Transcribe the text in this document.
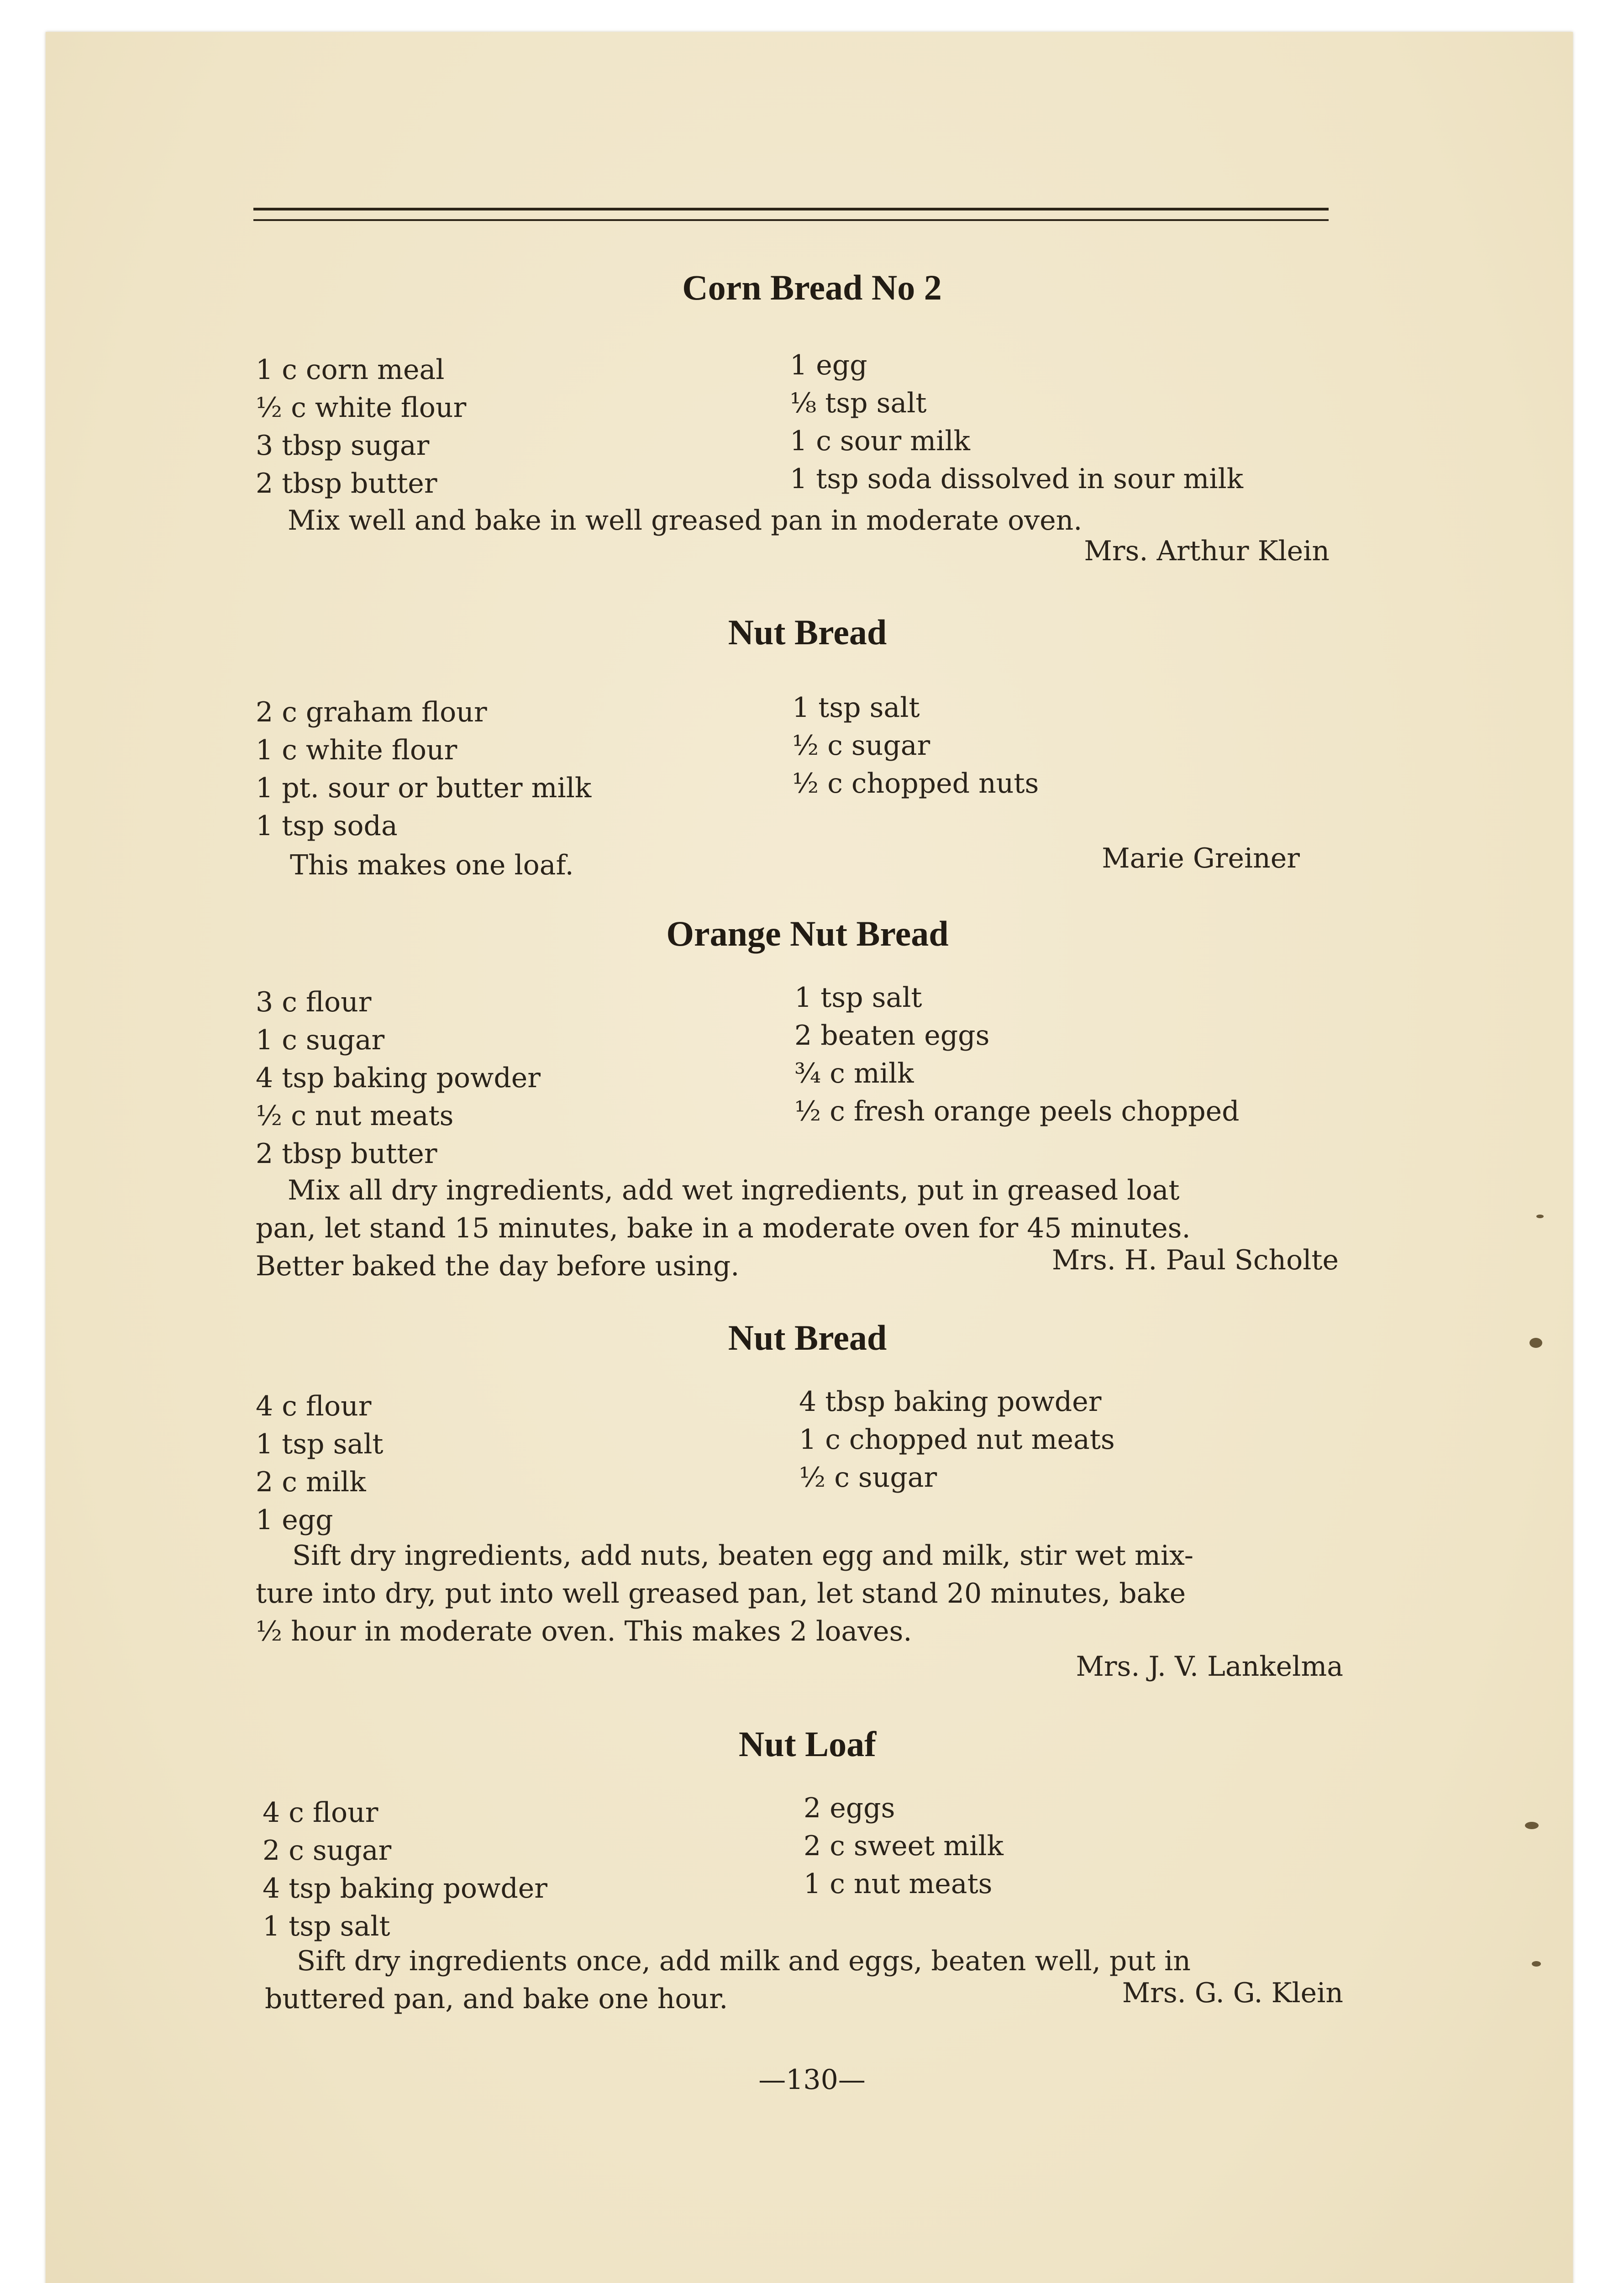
Corn Bread No 2
1 c corn meal
½ c white flour
3 tbsp sugar
2 tbsp butter
1 egg
⅛ tsp salt
1 c sour milk
1 tsp soda dissolved in sour milk
Mix well and bake in well greased pan in moderate oven.
Mrs. Arthur Klein
Nut Bread
2 c graham flour
1 c white flour
1 pt. sour or butter milk
1 tsp soda
1 tsp salt
½ c sugar
½ c chopped nuts
This makes one loaf.	Marie Greiner
Orange Nut Bread
3 c flour
1 c sugar
4 tsp baking powder
½ c nut meats
2 tbsp butter
1 tsp salt
2 beaten eggs
¾ c milk
½ c fresh orange peels chopped
Mix all dry ingredients, add wet ingredients, put in greased loat
pan, let stand 15 minutes, bake in a moderate oven for 45 minutes.
Better baked the day before using.	Mrs. H. Paul Scholte
Nut Bread
4 c flour
1 tsp salt
2 c milk
1 egg
4 tbsp baking powder
1 c chopped nut meats
½ c sugar
Sift dry ingredients, add nuts, beaten egg and milk, stir wet mix-
ture into dry, put into well greased pan, let stand 20 minutes, bake
½ hour in moderate oven. This makes 2 loaves.
Mrs. J. V. Lankelma
Nut Loaf
4 c flour
2 c sugar
4 tsp baking powder
1 tsp salt
2 eggs
2 c sweet milk
1 c nut meats
Sift dry ingredients once, add milk and eggs, beaten well, put in
buttered pan, and bake one hour.	Mrs. G. G. Klein
—130—
